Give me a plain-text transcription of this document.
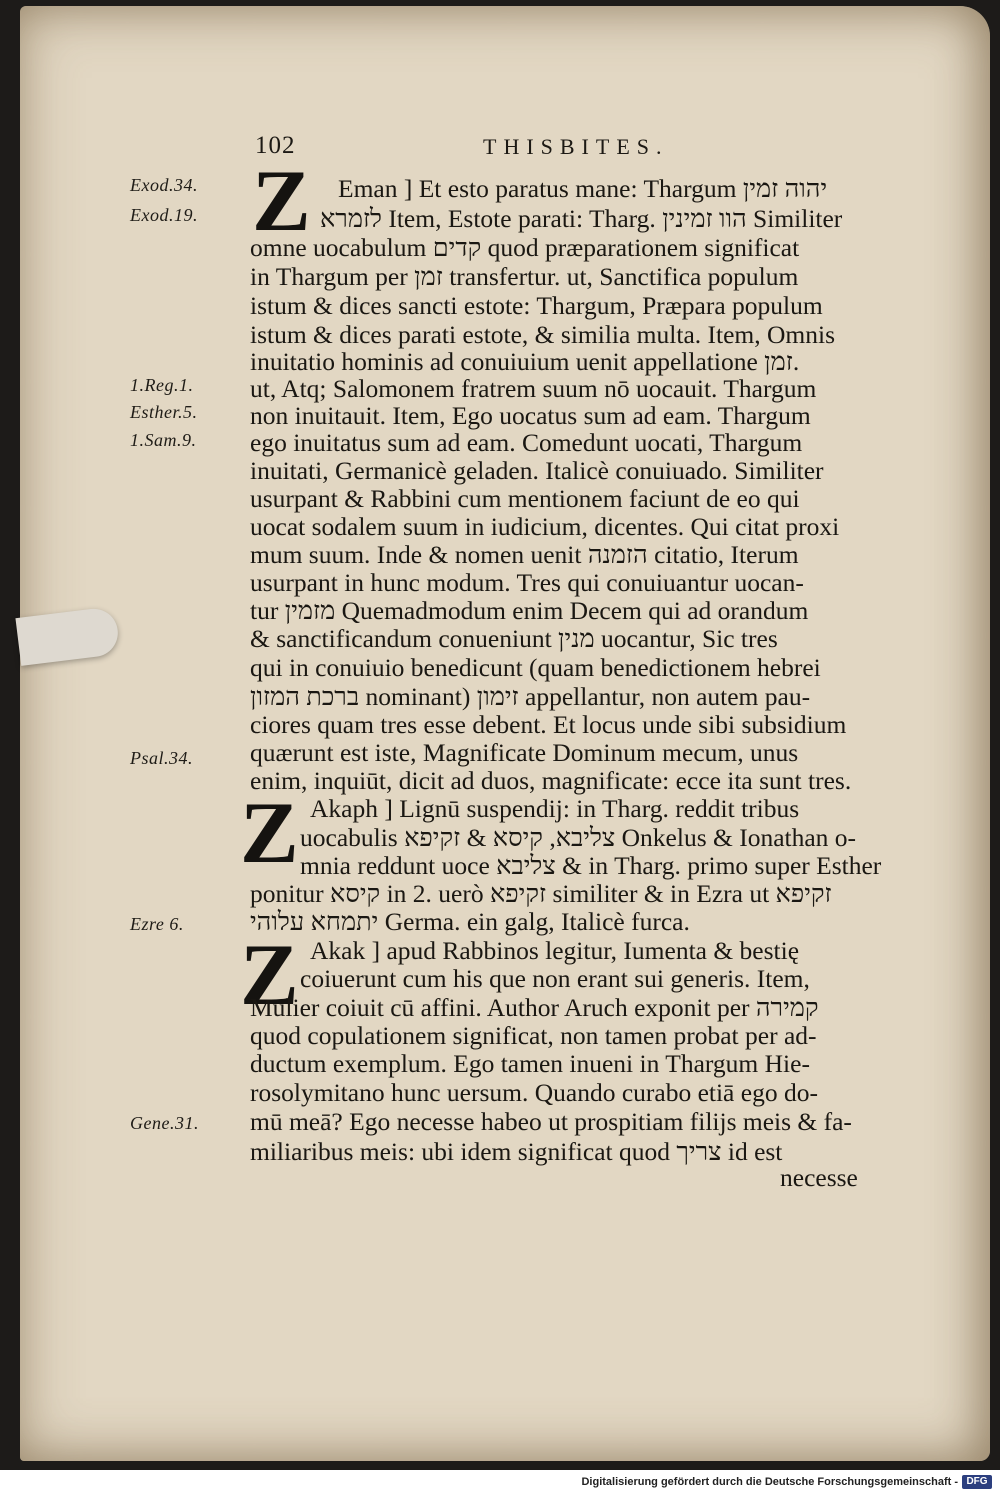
102	THISBITES.
Exod.34.
Exod.19.
1.Reg.1.
Esther.5.
1.Sam.9.
Psal.34.
Ezre 6.
Gene.31.
Z
Z
Z
Eman ] Et esto paratus mane: Thargum יהוה זמין
לזמרא Item, Estote parati: Tharg. הוו זמינין Similiter
omne uocabulum קדים quod præparationem significat
in Thargum per זמן transfertur. ut, Sanctifica populum
istum & dices sancti estote: Thargum, Præpara populum
istum & dices parati estote, & similia multa. Item, Omnis
inuitatio hominis ad conuiuium uenit appellatione זמן.
ut, Atq; Salomonem fratrem suum nō uocauit. Thargum
non inuitauit. Item, Ego uocatus sum ad eam. Thargum
ego inuitatus sum ad eam. Comedunt uocati, Thargum
inuitati, Germanicè geladen. Italicè conuiuado. Similiter
usurpant & Rabbini cum mentionem faciunt de eo qui
uocat sodalem suum in iudicium, dicentes. Qui citat proxi
mum suum. Inde & nomen uenit הזמנה citatio, Iterum
usurpant in hunc modum. Tres qui conuiuantur uocan-
tur מזמין Quemadmodum enim Decem qui ad orandum
& sanctificandum conueniunt מנין uocantur, Sic tres
qui in conuiuio benedicunt (quam benedictionem hebrei
ברכת המזון nominant) זימון appellantur, non autem pau-
ciores quam tres esse debent. Et locus unde sibi subsidium
quærunt est iste, Magnificate Dominum mecum, unus
enim, inquiūt, dicit ad duos, magnificate: ecce ita sunt tres.
Akaph ] Lignū suspendij: in Tharg. reddit tribus
uocabulis צליבא, קיסא & זקיפא Onkelus & Ionathan o-
mnia reddunt uoce צליבא & in Tharg. primo super Esther
ponitur קיסא in 2. uerò זקיפא similiter & in Ezra ut זקיפא
יתמחא עלוהי Germa. ein galg, Italicè furca.
Akak ] apud Rabbinos legitur, Iumenta & bestię
coiuerunt cum his que non erant sui generis. Item,
Mulier coiuit cū affini. Author Aruch exponit per קמירה
quod copulationem significat, non tamen probat per ad-
ductum exemplum. Ego tamen inueni in Thargum Hie-
rosolymitano hunc uersum. Quando curabo etiā ego do-
mū meā? Ego necesse habeo ut prospitiam filijs meis & fa-
miliaribus meis: ubi idem significat quod צריך id est
necesse
Digitalisierung gefördert durch die Deutsche Forschungsgemeinschaft - DFG
